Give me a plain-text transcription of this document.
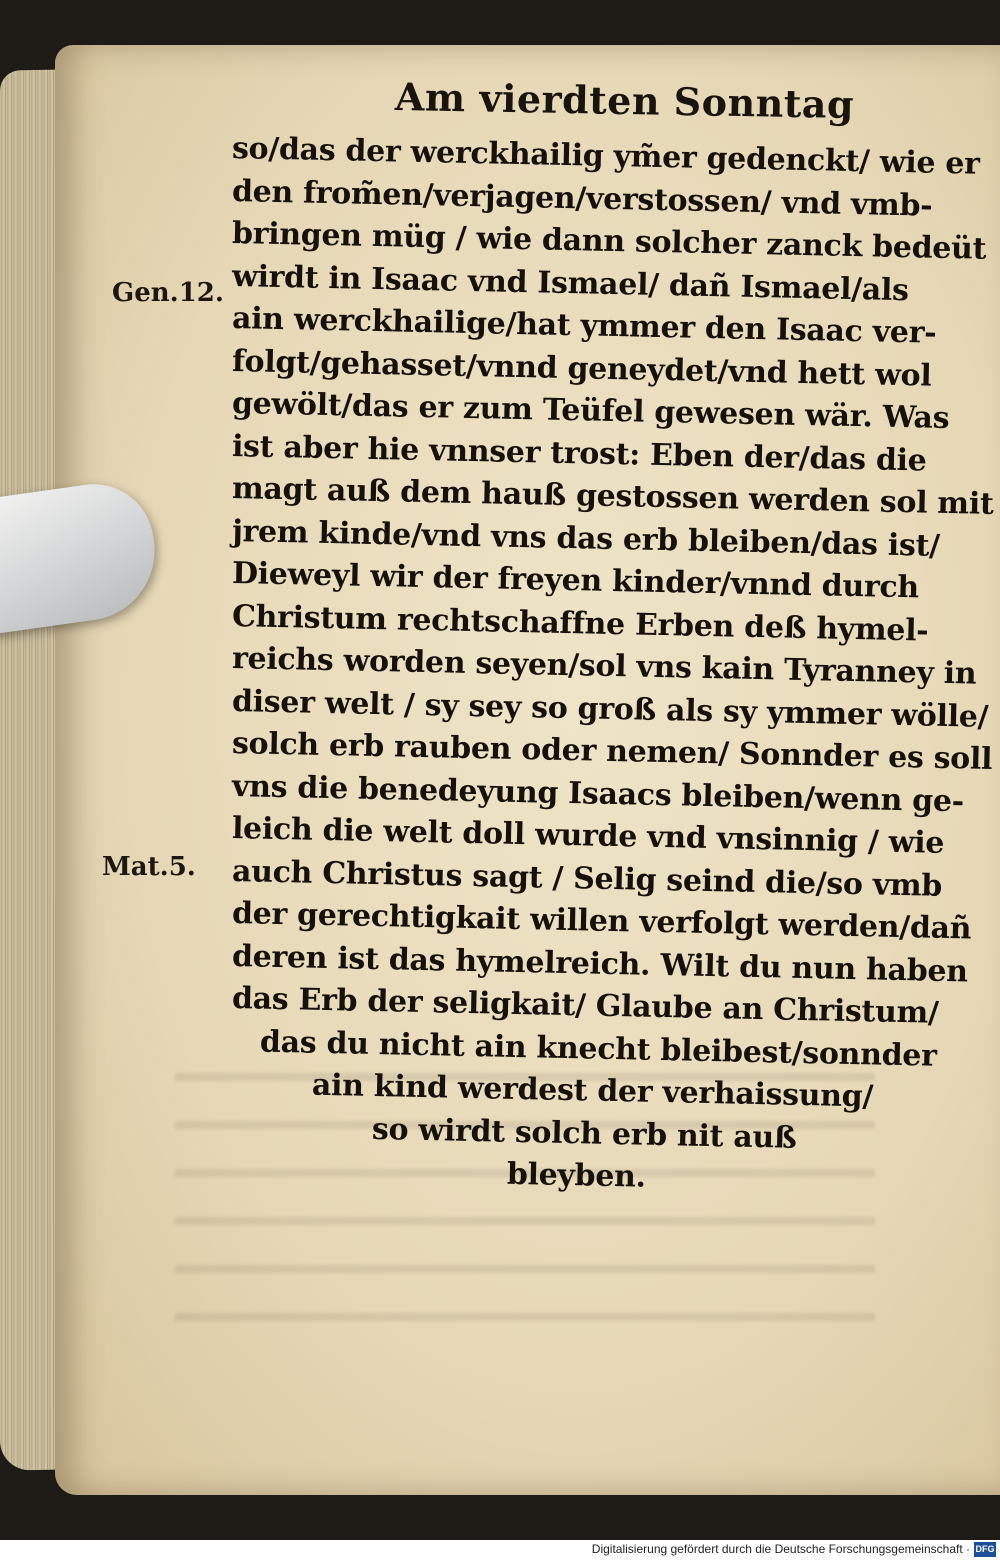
Am vierdten Sonntag
Gen.12.
Mat.5.
so/das der werckhailig ym̃er gedenckt/ wie er
den from̃en/verjagen/verstossen/ vnd vmb-
bringen müg / wie dann solcher zanck bedeüt
wirdt in Isaac vnd Ismael/ dañ Ismael/als
ain werckhailige/hat ymmer den Isaac ver-
folgt/gehasset/vnnd geneydet/vnd hett wol
gewölt/das er zum Teüfel gewesen wär. Was
ist aber hie vnnser trost: Eben der/das die
magt auß dem hauß gestossen werden sol mit
jrem kinde/vnd vns das erb bleiben/das ist/
Dieweyl wir der freyen kinder/vnnd durch
Christum rechtschaffne Erben deß hymel-
reichs worden seyen/sol vns kain Tyranney in
diser welt / sy sey so groß als sy ymmer wölle/
solch erb rauben oder nemen/ Sonnder es soll
vns die benedeyung Isaacs bleiben/wenn ge-
leich die welt doll wurde vnd vnsinnig / wie
auch Christus sagt / Selig seind die/so vmb
der gerechtigkait willen verfolgt werden/dañ
deren ist das hymelreich. Wilt du nun haben
das Erb der seligkait/ Glaube an Christum/
das du nicht ain knecht bleibest/sonnder
ain kind werdest der verhaissung/
so wirdt solch erb nit auß
bleyben.
Digitalisierung gefördert durch die Deutsche Forschungsgemeinschaft · DFG
